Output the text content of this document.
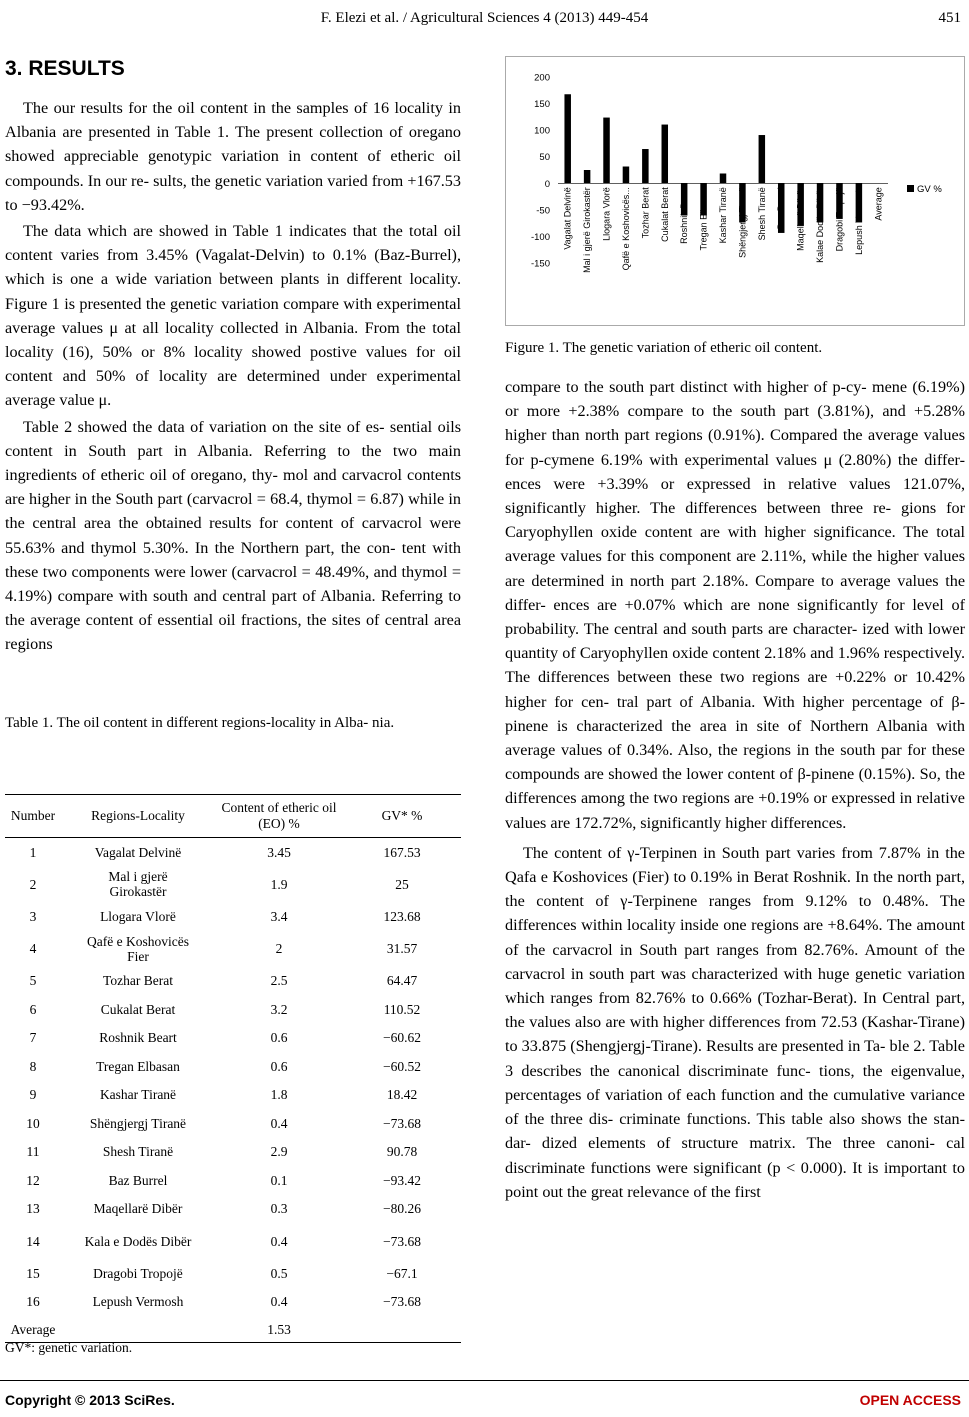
F. Elezi et al. / Agricultural Sciences 4 (2013) 449-454	451
3. RESULTS

The our results for the oil content in the samples of 16 locality in Albania are presented in Table 1. The present collection of oregano showed appreciable genotypic variation in content of etheric oil compounds. In our re- sults, the genetic variation varied from +167.53 to −93.42%.

The data which are showed in Table 1 indicates that the total oil content varies from 3.45% (Vagalat-Delvin) to 0.1% (Baz-Burrel), which is one a wide variation between plants in different locality. Figure 1 is presented the genetic variation compare with experimental average values μ at all locality collected in Albania. From the total locality (16), 50% or 8% locality showed postive values for oil content and 50% of locality are determined under experimental average value μ.

Table 2 showed the data of variation on the site of es- sential oils content in South part in Albania. Referring to the two main ingredients of etheric oil of oregano, thy- mol and carvacrol contents are higher in the South part (carvacrol = 68.4, thymol = 6.87) while in the central area the obtained results for content of carvacrol were 55.63% and thymol 5.30%. In the Northern part, the con- tent with these two components were lower (carvacrol = 48.49%, and thymol = 4.19%) compare with south and central part of Albania. Referring to the average content of essential oil fractions, the sites of central area regions

Table 1. The oil content in different regions-locality in Alba- nia.
Number	Regions-Locality	Content of etheric oil (EO) %	GV* %
1	Vagalat Delvinë	3.45	167.53
2	Mal i gjerë Girokastër	1.9	25
3	Llogara Vlorë	3.4	123.68
4	Qafë e Koshovicës Fier	2	31.57
5	Tozhar Berat	2.5	64.47
6	Cukalat Berat	3.2	110.52
7	Roshnik Beart	0.6	−60.62
8	Tregan Elbasan	0.6	−60.52
9	Kashar Tiranë	1.8	18.42
10	Shëngjergj Tiranë	0.4	−73.68
11	Shesh Tiranë	2.9	90.78
12	Baz Burrel	0.1	−93.42
13	Maqellarë Dibër	0.3	−80.26
14	Kala e Dodës Dibër	0.4	−73.68
15	Dragobi Tropojë	0.5	−67.1
16	Lepush Vermosh	0.4	−73.68
Average		1.53	
GV*: genetic variation.
200
150
100
50
0
-50
-100
-150
Vagalat Delvinë Mal i gjerë Girokastër Llogara Vlorë Qafë e Koshovicës... Tozhar Berat Cukalat Berat Roshnik Beart Tregan Elbasan Kashar Tiranë Shëngjergj Tiranë Shesh Tiranë Baz Burrel Maqellarë Dibër Kalae Dodës Dibër Dragobi Tropojë Lepush Vermosh Average	GV %
Figure 1. The genetic variation of etheric oil content.

compare to the south part distinct with higher of p-cy- mene (6.19%) or more +2.38% compare to the south part (3.81%), and +5.28% higher than north part regions (0.91%). Compared the average values for p-cymene 6.19% with experimental values μ (2.80%) the differ- ences were +3.39% or expressed in relative values 121.07%, significantly higher. The differences between three re- gions for Caryophyllen oxide content are with higher significance. The total average values for this component are 2.11%, while the higher values are determined in north part 2.18%. Compare to average values the differ- ences are +0.07% which are none significantly for level of probability. The central and south parts are character- ized with lower quantity of Caryophyllen oxide content 2.18% and 1.96% respectively. The differences between these two regions are +0.22% or 10.42% higher for cen- tral part of Albania. With higher percentage of β-pinene is characterized the area in site of Northern Albania with average values of 0.34%. Also, the regions in the south par for these compounds are showed the lower content of β-pinene (0.15%). So, the differences among the two regions are +0.19% or expressed in relative values are 172.72%, significantly higher differences.

The content of γ-Terpinen in South part varies from 7.87% in the Qafa e Koshovices (Fier) to 0.19% in Berat Roshnik. In the north part, the content of γ-Terpinene ranges from 9.12% to 0.48%. The differences within locality inside one regions are +8.64%. The amount of the carvacrol in South part ranges from 82.76%. Amount of the carvacrol in south part was characterized with huge genetic variation which ranges from 82.76% to 0.66% (Tozhar-Berat). In Central part, the values also are with higher differences from 72.53 (Kashar-Tirane) to 33.875 (Shengjergj-Tirane). Results are presented in Ta- ble 2. Table 3 describes the canonical discriminate func- tions, the eigenvalue, percentages of variation of each function and the cumulative variance of the three dis- criminate functions. This table also shows the stan- dar- dized elements of structure matrix. The three canoni- cal discriminate functions were significant (p < 0.000). It is important to point out the great relevance of the first

Copyright © 2013 SciRes.	OPEN ACCESS
